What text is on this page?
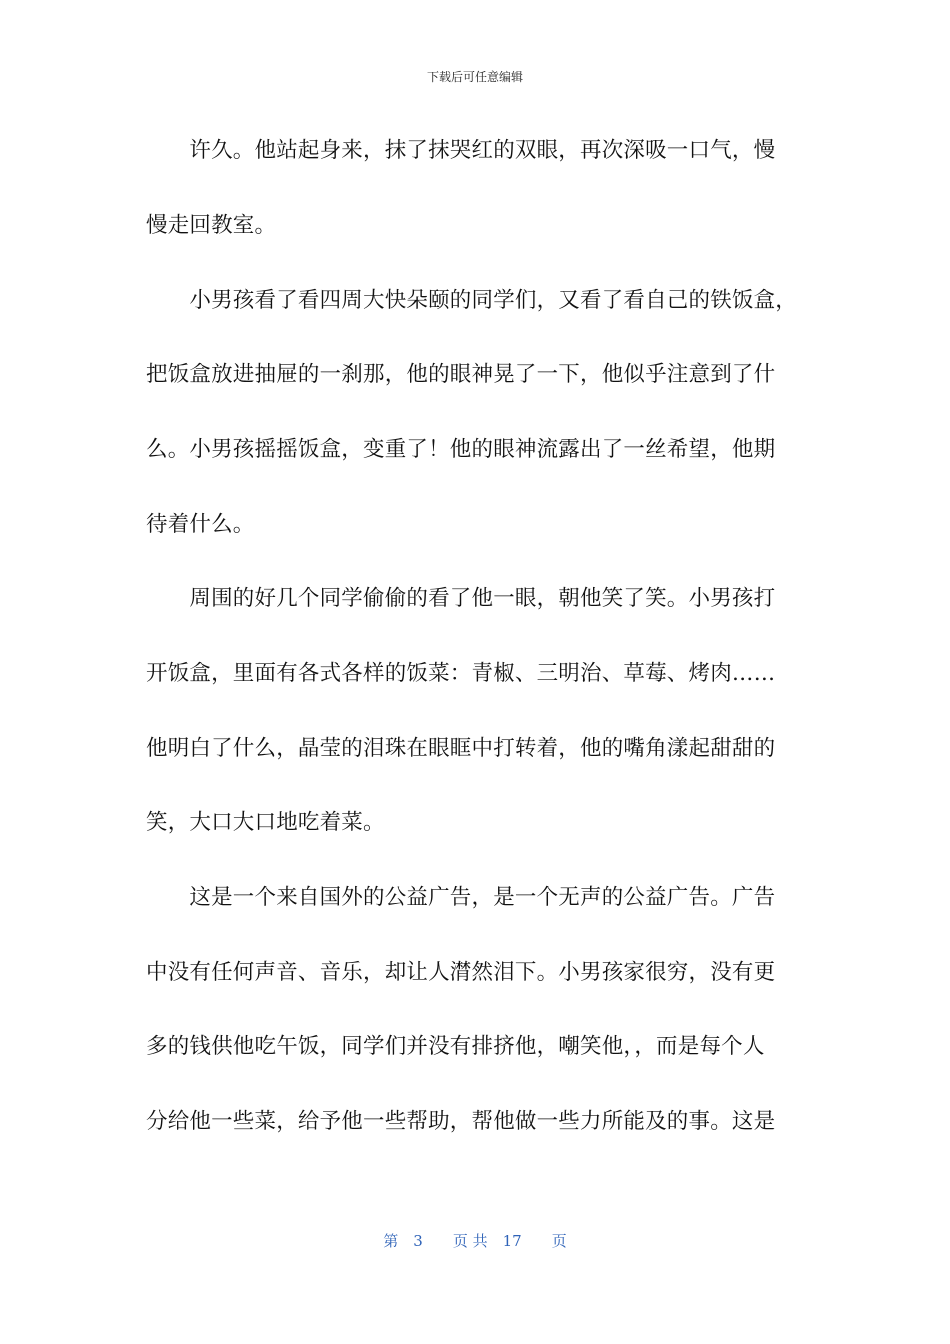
下载后可任意编辑
　　许久。他站起身来，抹了抹哭红的双眼，再次深吸一口气，慢
慢走回教室。
　　小男孩看了看四周大快朵颐的同学们，又看了看自己的铁饭盒，
把饭盒放进抽屉的一刹那，他的眼神晃了一下，他似乎注意到了什
么。小男孩摇摇饭盒，变重了！他的眼神流露出了一丝希望，他期
待着什么。
　　周围的好几个同学偷偷的看了他一眼，朝他笑了笑。小男孩打
开饭盒，里面有各式各样的饭菜：青椒、三明治、草莓、烤肉……
他明白了什么，晶莹的泪珠在眼眶中打转着，他的嘴角漾起甜甜的
笑，大口大口地吃着菜。
　　这是一个来自国外的公益广告，是一个无声的公益广告。广告
中没有任何声音、音乐，却让人潸然泪下。小男孩家很穷，没有更
多的钱供他吃午饭，同学们并没有排挤他，嘲笑他，，而是每个人
分给他一些菜，给予他一些帮助，帮他做一些力所能及的事。这是
第　3　　页 共　17　　页
